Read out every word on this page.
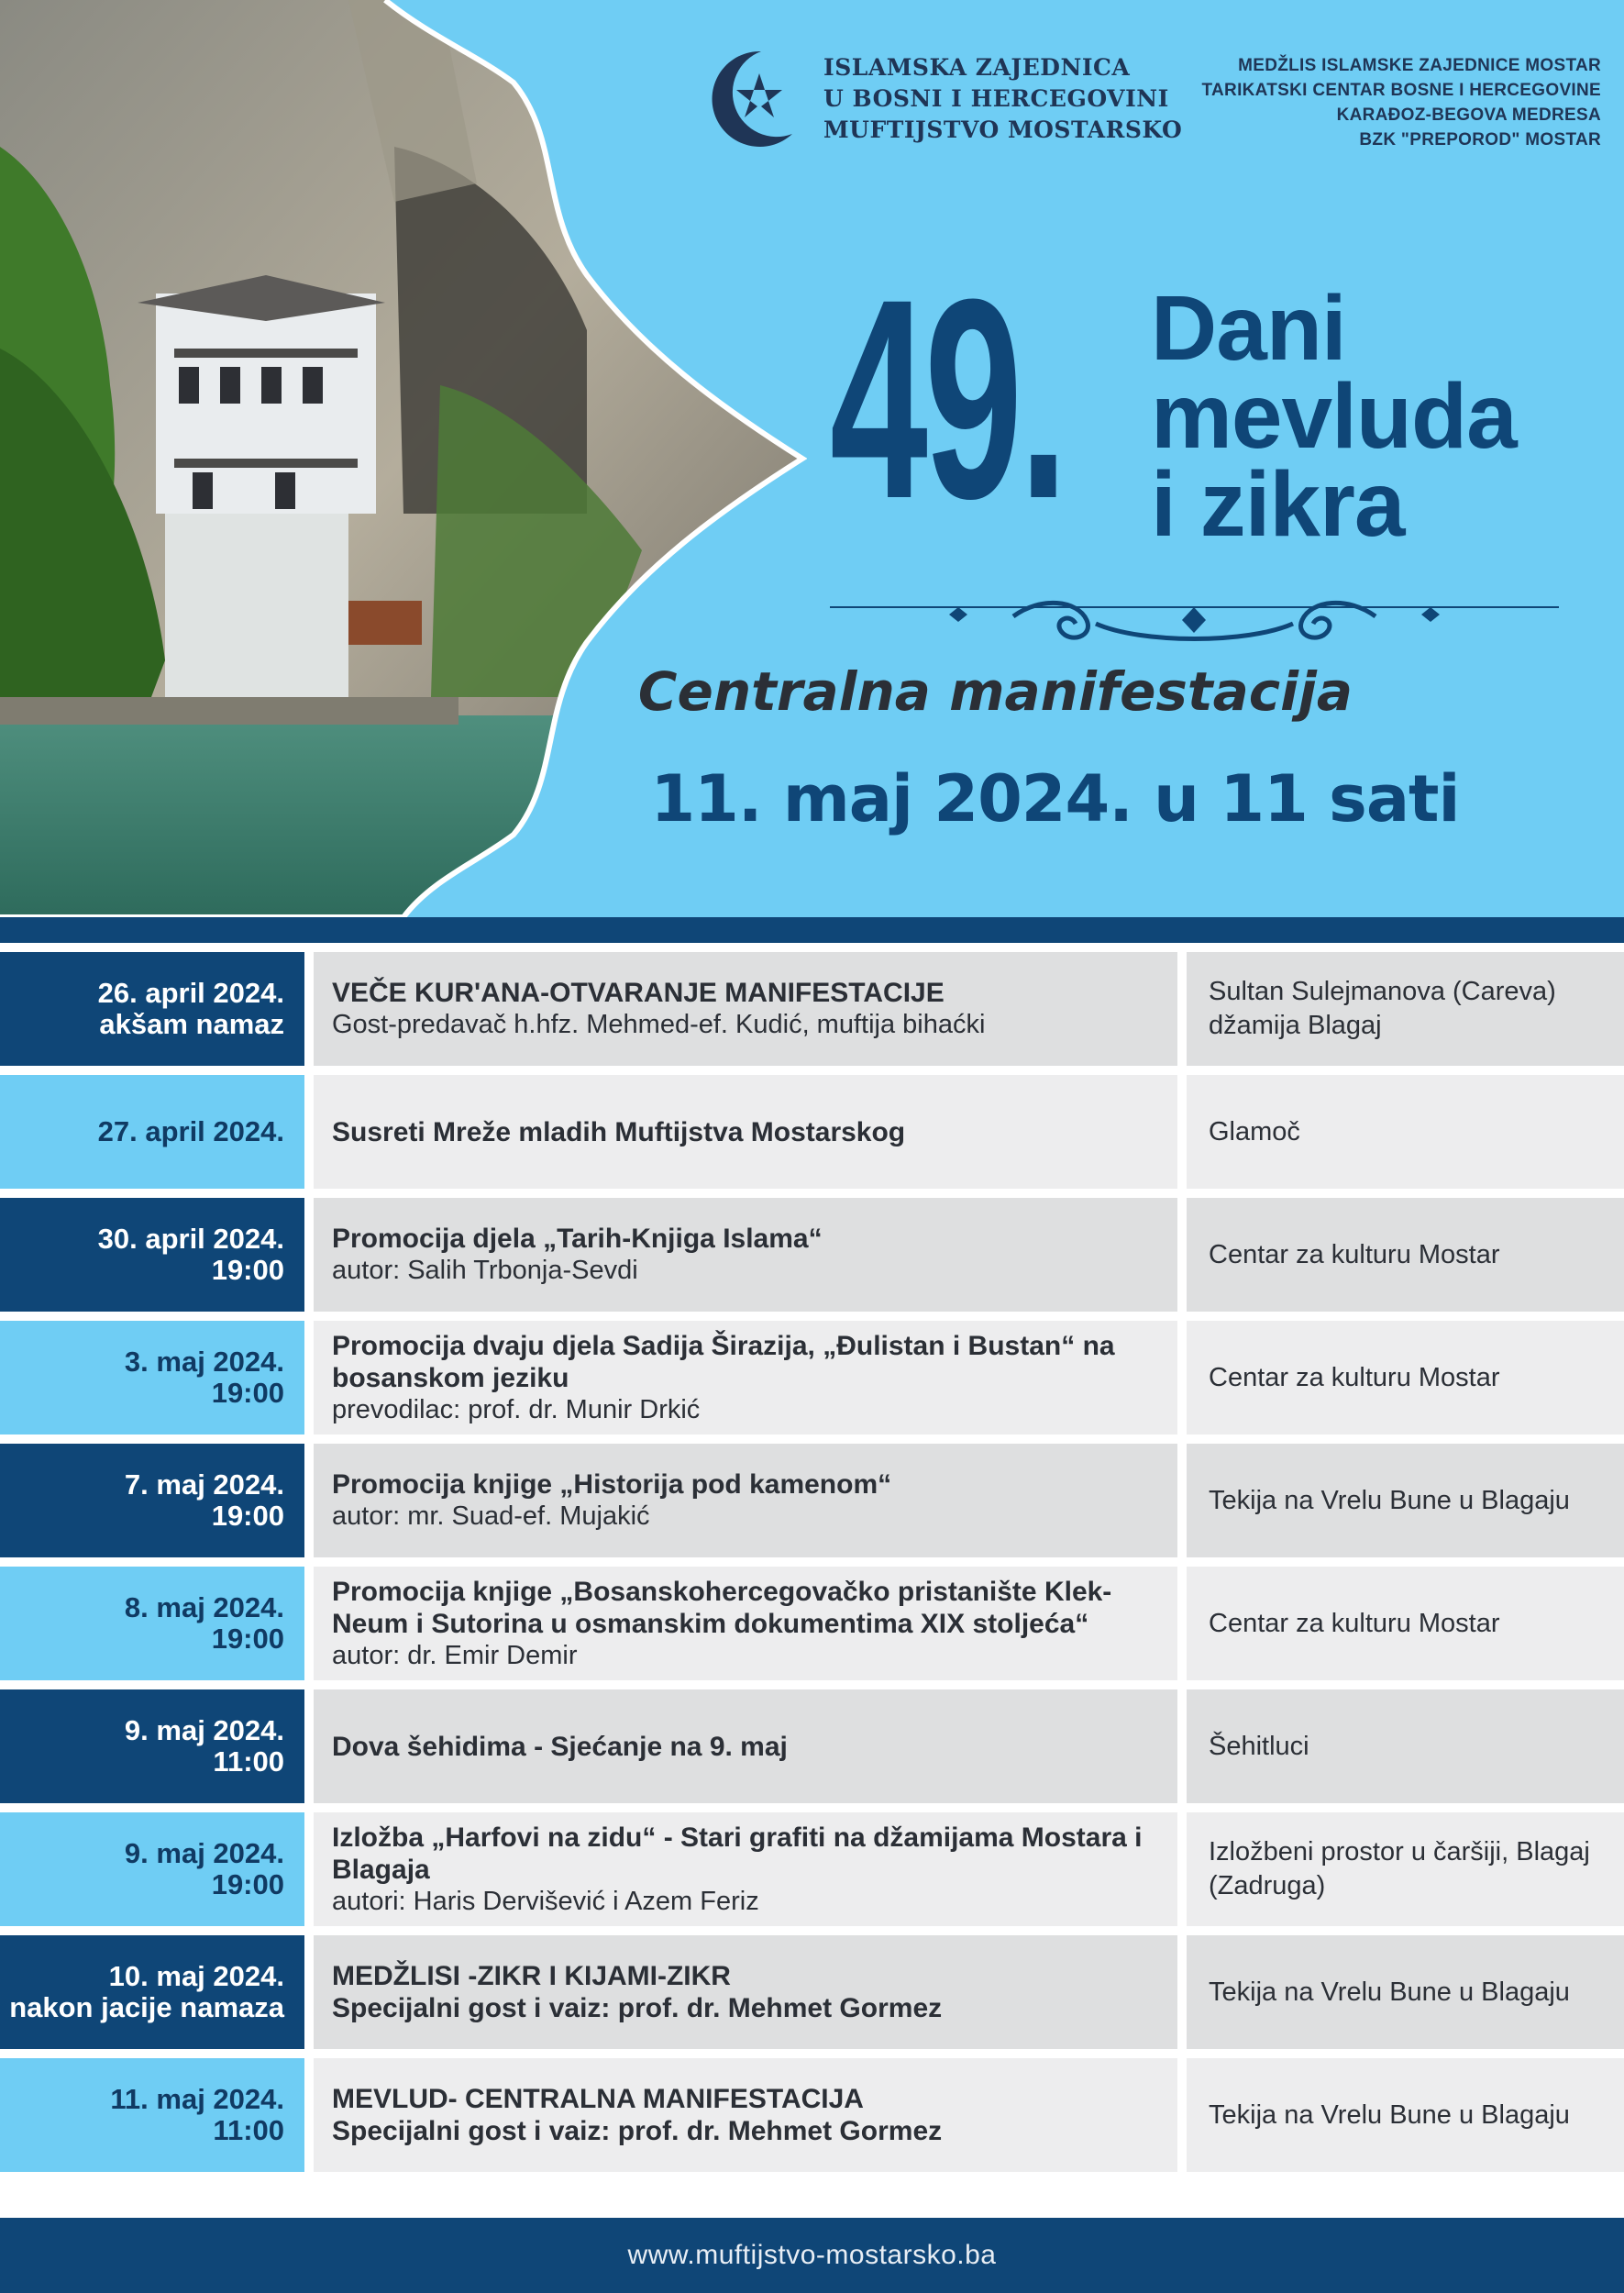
ISLAMSKA ZAJEDNICA
U BOSNI I HERCEGOVINI
MUFTIJSTVO MOSTARSKO
MEDŽLIS ISLAMSKE ZAJEDNICE MOSTAR
TARIKATSKI CENTAR BOSNE I HERCEGOVINE
KARAĐOZ-BEGOVA MEDRESA
BZK "PREPOROD" MOSTAR
49. Dani
mevluda
i zikra
Centralna manifestacija
11. maj 2024. u 11 sati
26. april 2024.
akšam namaz
VEČE KUR'ANA-OTVARANJE MANIFESTACIJE
Gost-predavač h.hfz. Mehmed-ef. Kudić, muftija bihaćki
Sultan Sulejmanova (Careva) džamija Blagaj
27. april 2024. Susreti Mreže mladih Muftijstva Mostarskog	Glamoč
30. april 2024.
19:00
Promocija djela „Tarih-Knjiga Islama“
autor: Salih Trbonja-Sevdi
Centar za kulturu Mostar
3. maj 2024.
19:00
Promocija dvaju djela Sadija Širazija, „Đulistan i Bustan“ na bosanskom jeziku
prevodilac: prof. dr. Munir Drkić
Centar za kulturu Mostar
7. maj 2024.
19:00
Promocija knjige „Historija pod kamenom“
autor: mr. Suad-ef. Mujakić
Tekija na Vrelu Bune u Blagaju
8. maj 2024.
19:00
Promocija knjige „Bosanskohercegovačko pristanište Klek-Neum i Sutorina u osmanskim dokumentima XIX stoljeća“
autor: dr. Emir Demir
Centar za kulturu Mostar
9. maj 2024.
11:00 Dova šehidima - Sjećanje na 9. maj	Šehitluci
9. maj 2024.
19:00
Izložba „Harfovi na zidu“ - Stari grafiti na džamijama Mostara i Blagaja
autori: Haris Dervišević i Azem Feriz
Izložbeni prostor u čaršiji, Blagaj (Zadruga)
10. maj 2024.
nakon jacije namaza
MEDŽLISI -ZIKR I KIJAMI-ZIKR
Specijalni gost i vaiz: prof. dr. Mehmet Gormez
Tekija na Vrelu Bune u Blagaju
11. maj 2024.
11:00
MEVLUD- CENTRALNA MANIFESTACIJA
Specijalni gost i vaiz: prof. dr. Mehmet Gormez
Tekija na Vrelu Bune u Blagaju
www.muftijstvo-mostarsko.ba
